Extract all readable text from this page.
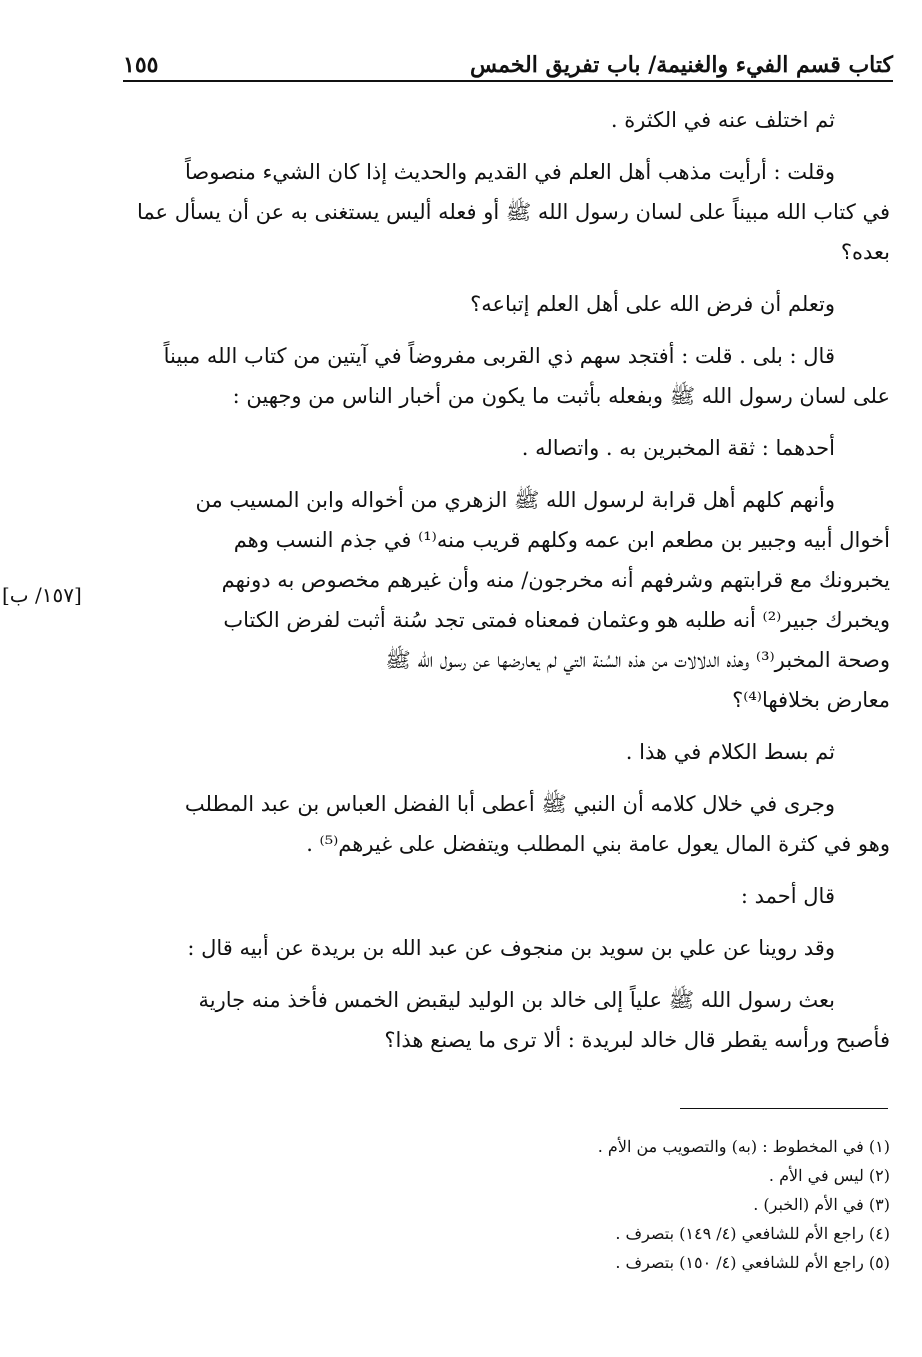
١٥٥	كتاب قسم الفيء والغنيمة/ باب تفريق الخمس
[١٥٧/ ب]
ثم اختلف عنه في الكثرة .
وقلت : أرأيت مذهب أهل العلم في القديم والحديث إذا كان الشيء منصوصاً
في كتاب الله مبيناً على لسان رسول الله ﷺ أو فعله أليس يستغنى به عن أن يسأل عما
بعده؟
وتعلم أن فرض الله على أهل العلم إتباعه؟
قال : بلى . قلت : أفتجد سهم ذي القربى مفروضاً في آيتين من كتاب الله مبيناً
على لسان رسول الله ﷺ وبفعله بأثبت ما يكون من أخبار الناس من وجهين :
أحدهما : ثقة المخبرين به . واتصاله .
وأنهم كلهم أهل قرابة لرسول الله ﷺ الزهري من أخواله وابن المسيب من
أخوال أبيه وجبير بن مطعم ابن عمه وكلهم قريب منه⁽¹⁾ في جذم النسب وهم
يخبرونك مع قرابتهم وشرفهم أنه مخرجون/ منه وأن غيرهم مخصوص به دونهم
ويخبرك جبير⁽²⁾ أنه طلبه هو وعثمان فمعناه فمتى تجد سُنة أثبت لفرض الكتاب
وصحة المخبر⁽³⁾ وهذه الدلالات من هذه السُنة التي لم يعارضها عن رسول الله ﷺ
معارض بخلافها⁽⁴⁾؟
ثم بسط الكلام في هذا .
وجرى في خلال كلامه أن النبي ﷺ أعطى أبا الفضل العباس بن عبد المطلب
وهو في كثرة المال يعول عامة بني المطلب ويتفضل على غيرهم⁽⁵⁾ .
قال أحمد :
وقد روينا عن علي بن سويد بن منجوف عن عبد الله بن بريدة عن أبيه قال :
بعث رسول الله ﷺ علياً إلى خالد بن الوليد ليقبض الخمس فأخذ منه جارية
فأصبح ورأسه يقطر قال خالد لبريدة : ألا ترى ما يصنع هذا؟
(١) في المخطوط : (به) والتصويب من الأم .
(٢) ليس في الأم .
(٣) في الأم (الخبر) .
(٤) راجع الأم للشافعي (٤/ ١٤٩) بتصرف .
(٥) راجع الأم للشافعي (٤/ ١٥٠) بتصرف .
